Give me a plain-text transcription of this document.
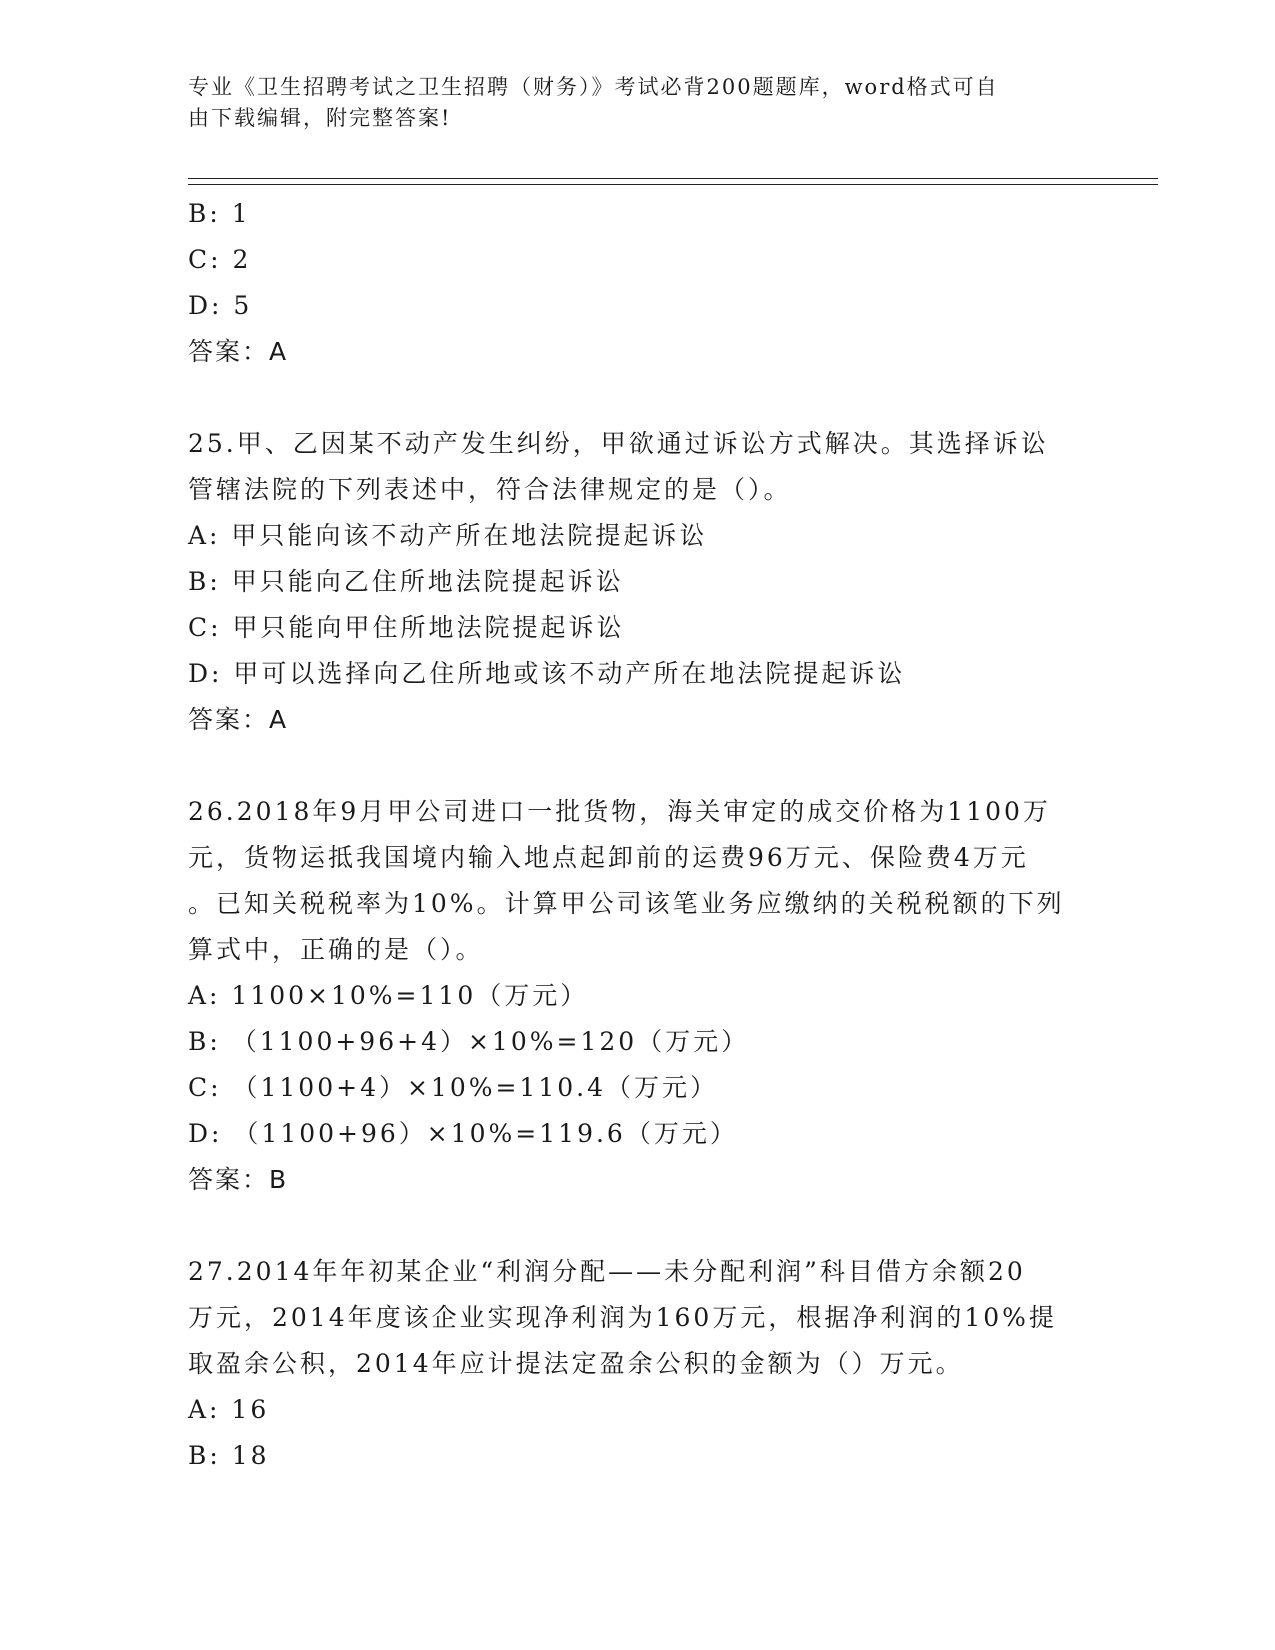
专业《卫生招聘考试之卫生招聘（财务）》考试必背200题题库，word格式可自
由下载编辑，附完整答案!
B: 1
C: 2
D: 5
答案：A
25.甲、乙因某不动产发生纠纷，甲欲通过诉讼方式解决。其选择诉讼
管辖法院的下列表述中，符合法律规定的是（）。
A: 甲只能向该不动产所在地法院提起诉讼
B: 甲只能向乙住所地法院提起诉讼
C: 甲只能向甲住所地法院提起诉讼
D: 甲可以选择向乙住所地或该不动产所在地法院提起诉讼
答案：A
26.2018年9月甲公司进口一批货物，海关审定的成交价格为1100万
元，货物运抵我国境内输入地点起卸前的运费96万元、保险费4万元
。已知关税税率为10%。计算甲公司该笔业务应缴纳的关税税额的下列
算式中，正确的是（）。
A: 1100×10%=110（万元）
B: （1100+96+4）×10%=120（万元）
C: （1100+4）×10%=110.4（万元）
D: （1100+96）×10%=119.6（万元）
答案：B
27.2014年年初某企业“利润分配——未分配利润”科目借方余额20
万元，2014年度该企业实现净利润为160万元，根据净利润的10%提
取盈余公积，2014年应计提法定盈余公积的金额为（）万元。
A: 16
B: 18
